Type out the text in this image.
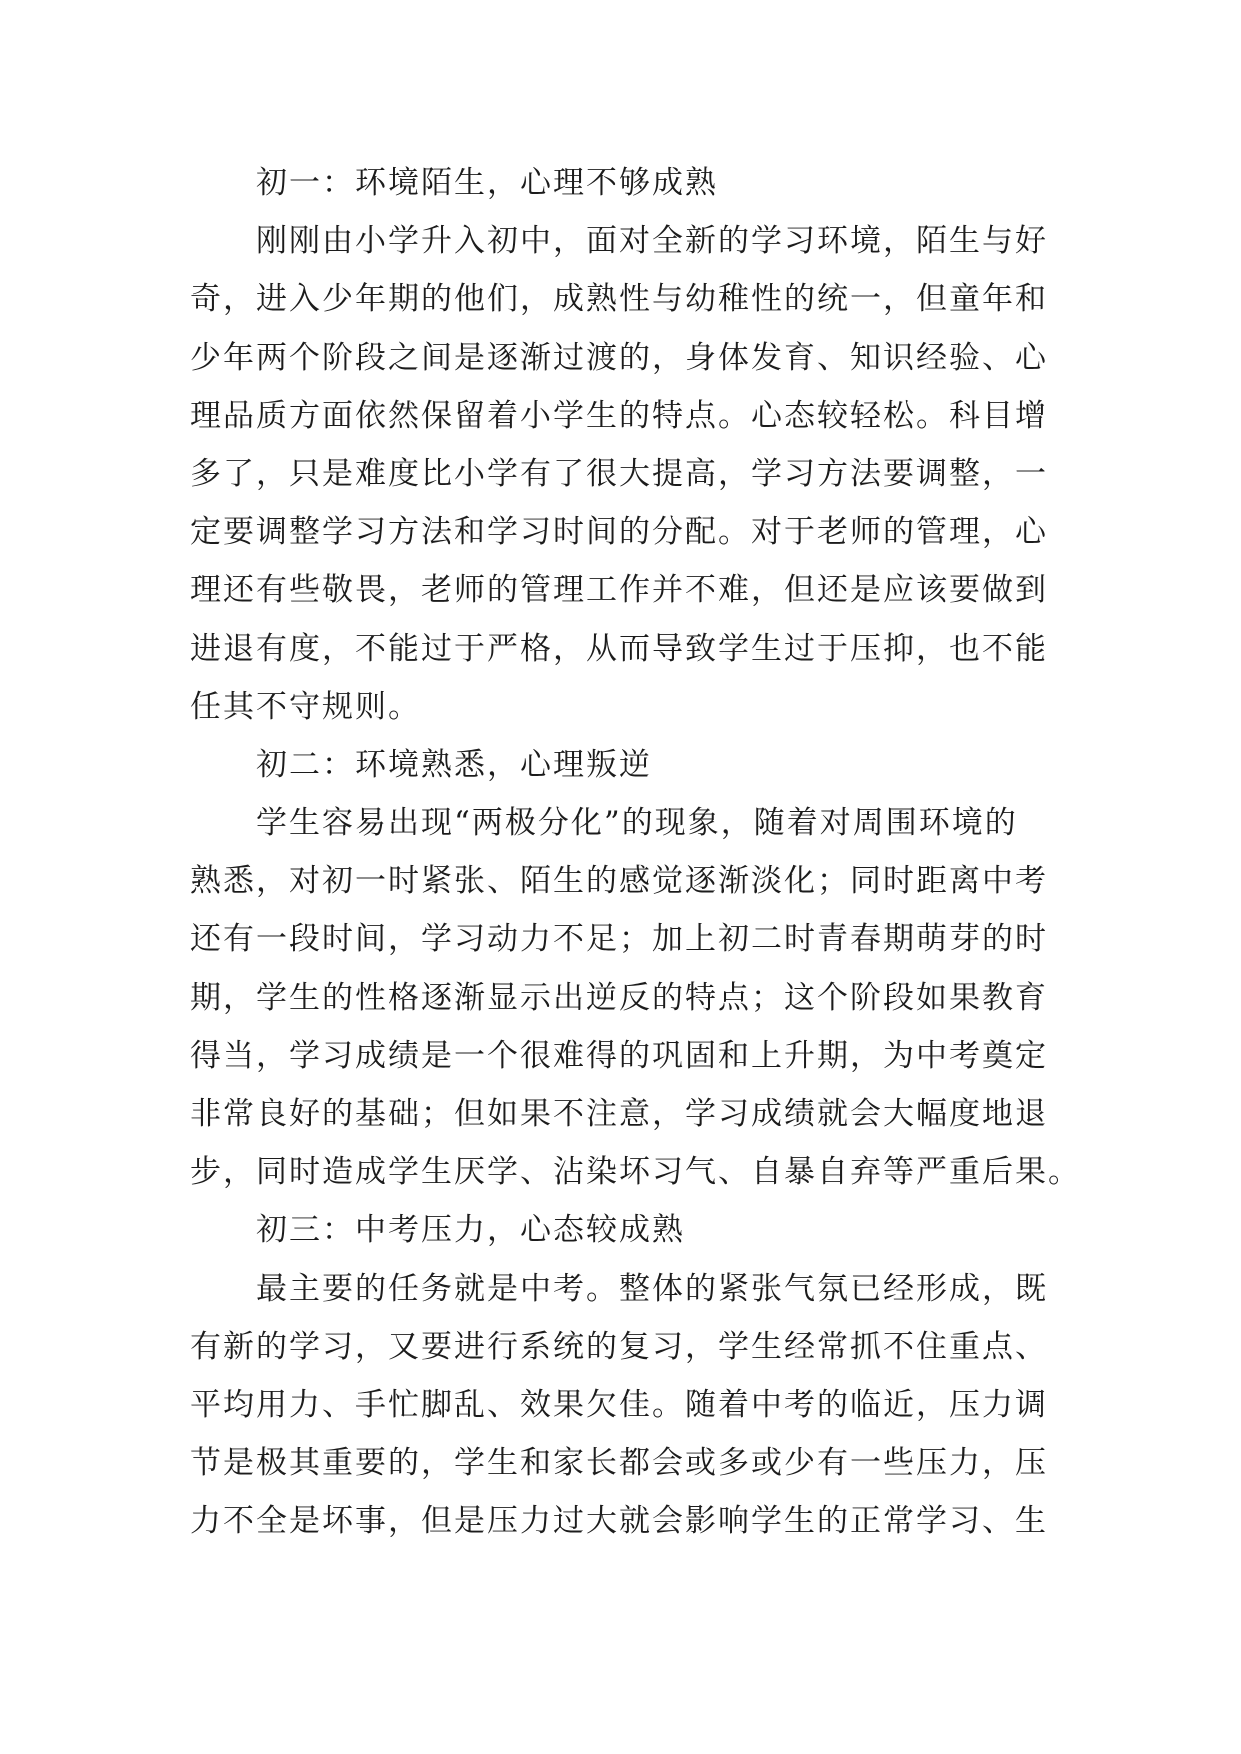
初一：环境陌生，心理不够成熟
刚刚由小学升入初中，面对全新的学习环境，陌生与好
奇，进入少年期的他们，成熟性与幼稚性的统一，但童年和
少年两个阶段之间是逐渐过渡的，身体发育、知识经验、心
理品质方面依然保留着小学生的特点。心态较轻松。科目增
多了，只是难度比小学有了很大提高，学习方法要调整，一
定要调整学习方法和学习时间的分配。对于老师的管理，心
理还有些敬畏，老师的管理工作并不难，但还是应该要做到
进退有度，不能过于严格，从而导致学生过于压抑，也不能
任其不守规则。
初二：环境熟悉，心理叛逆
学生容易出现“两极分化”的现象，随着对周围环境的
熟悉，对初一时紧张、陌生的感觉逐渐淡化；同时距离中考
还有一段时间，学习动力不足；加上初二时青春期萌芽的时
期，学生的性格逐渐显示出逆反的特点；这个阶段如果教育
得当，学习成绩是一个很难得的巩固和上升期，为中考奠定
非常良好的基础；但如果不注意，学习成绩就会大幅度地退
步，同时造成学生厌学、沾染坏习气、自暴自弃等严重后果。
初三：中考压力，心态较成熟
最主要的任务就是中考。整体的紧张气氛已经形成，既
有新的学习，又要进行系统的复习，学生经常抓不住重点、
平均用力、手忙脚乱、效果欠佳。随着中考的临近，压力调
节是极其重要的，学生和家长都会或多或少有一些压力，压
力不全是坏事，但是压力过大就会影响学生的正常学习、生
